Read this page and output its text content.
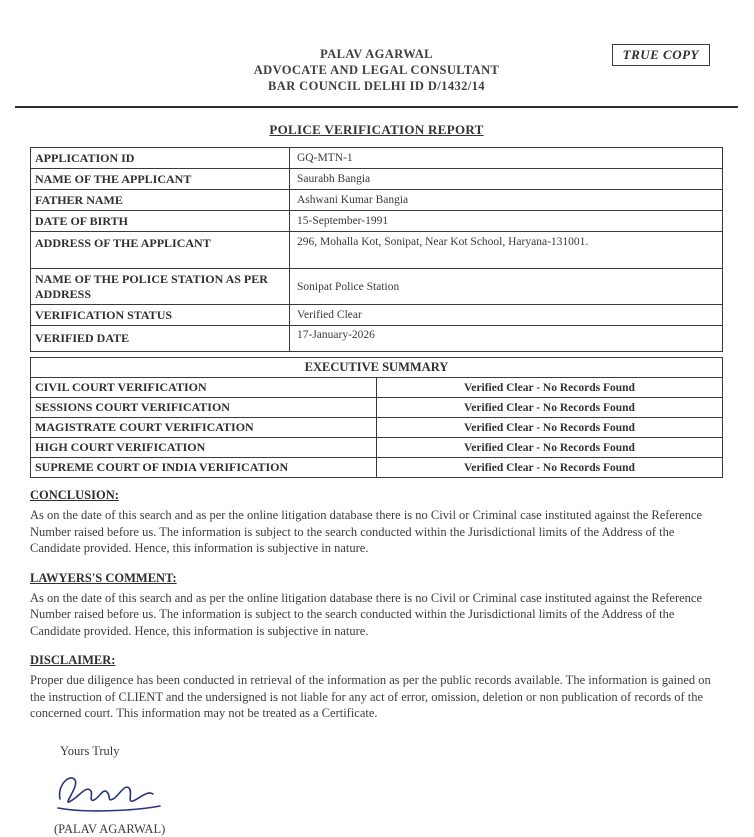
TRUE COPY
PALAV AGARWAL
ADVOCATE AND LEGAL CONSULTANT
BAR COUNCIL DELHI ID D/1432/14
POLICE VERIFICATION REPORT
APPLICATION ID	GQ-MTN-1
NAME OF THE APPLICANT	Saurabh Bangia
FATHER NAME	Ashwani Kumar Bangia
DATE OF BIRTH	15-September-1991
ADDRESS OF THE APPLICANT	296, Mohalla Kot, Sonipat, Near Kot School, Haryana-131001.
NAME OF THE POLICE STATION AS PER ADDRESS	Sonipat Police Station
VERIFICATION STATUS	Verified Clear
VERIFIED DATE	17-January-2026
EXECUTIVE SUMMARY	
CIVIL COURT VERIFICATION	Verified Clear - No Records Found
SESSIONS COURT VERIFICATION	Verified Clear - No Records Found
MAGISTRATE COURT VERIFICATION	Verified Clear - No Records Found
HIGH COURT VERIFICATION	Verified Clear - No Records Found
SUPREME COURT OF INDIA VERIFICATION	Verified Clear - No Records Found
CONCLUSION:
As on the date of this search and as per the online litigation database there is no Civil or Criminal case instituted against the Reference Number raised before us. The information is subject to the search conducted within the Jurisdictional limits of the Address of the Candidate provided. Hence, this information is subjective in nature.
LAWYERS'S COMMENT:
As on the date of this search and as per the online litigation database there is no Civil or Criminal case instituted against the Reference Number raised before us. The information is subject to the search conducted within the Jurisdictional limits of the Address of the Candidate provided. Hence, this information is subjective in nature.
DISCLAIMER:
Proper due diligence has been conducted in retrieval of the information as per the public records available. The information is gained on the instruction of CLIENT and the undersigned is not liable for any act of error, omission, deletion or non publication of records of the concerned court. This information may not be treated as a Certificate.
Yours Truly
(PALAV AGARWAL)
